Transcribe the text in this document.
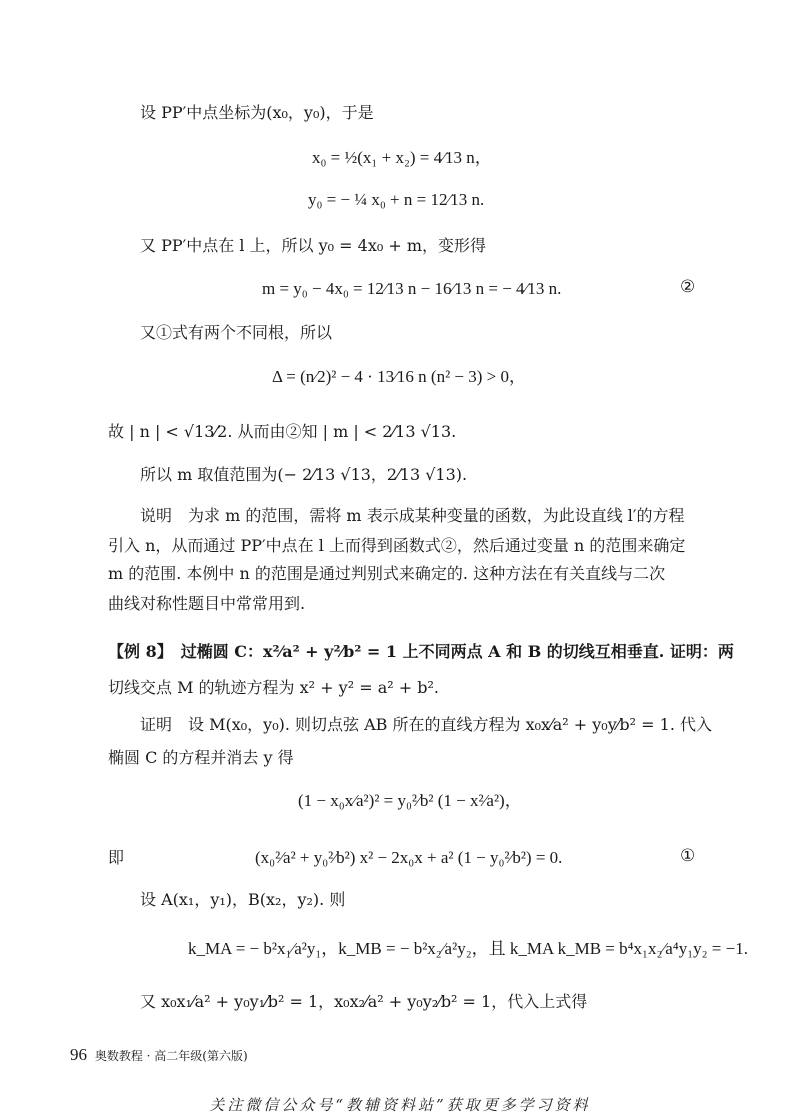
设 PP′中点坐标为(x₀，y₀)，于是
x₀ = ½(x₁ + x₂) = 4⁄13 n，
y₀ = − ¼ x₀ + n = 12⁄13 n.
又 PP′中点在 l 上，所以 y₀ = 4x₀ + m，变形得
m = y₀ − 4x₀ = 12⁄13 n − 16⁄13 n = − 4⁄13 n.	②
又①式有两个不同根，所以
Δ = (n⁄2)² − 4 · 13⁄16 n (n² − 3) > 0，
故 | n | < √13⁄2. 从而由②知 | m | < 2⁄13 √13.
所以 m 取值范围为(− 2⁄13 √13，2⁄13 √13).
说明　为求 m 的范围，需将 m 表示成某种变量的函数，为此设直线 l′的方程
引入 n，从而通过 PP′中点在 l 上而得到函数式②，然后通过变量 n 的范围来确定
m 的范围. 本例中 n 的范围是通过判别式来确定的. 这种方法在有关直线与二次
曲线对称性题目中常常用到.
【例 8】　过椭圆 C：x²⁄a² + y²⁄b² = 1 上不同两点 A 和 B 的切线互相垂直. 证明：两
切线交点 M 的轨迹方程为 x² + y² = a² + b².
证明　设 M(x₀，y₀). 则切点弦 AB 所在的直线方程为 x₀x⁄a² + y₀y⁄b² = 1. 代入
椭圆 C 的方程并消去 y 得
(1 − x₀x⁄a²)² = y₀²⁄b² (1 − x²⁄a²)，
即	(x₀²⁄a² + y₀²⁄b²) x² − 2x₀x + a² (1 − y₀²⁄b²) = 0.	①
设 A(x₁，y₁)，B(x₂，y₂). 则
k_MA = − b²x₁⁄a²y₁，k_MB = − b²x₂⁄a²y₂，且 k_MA k_MB = b⁴x₁x₂⁄a⁴y₁y₂ = −1.
又 x₀x₁⁄a² + y₀y₁⁄b² = 1，x₀x₂⁄a² + y₀y₂⁄b² = 1，代入上式得
96 奥数教程 · 高二年级(第六版)
关注微信公众号“教辅资料站”获取更多学习资料
